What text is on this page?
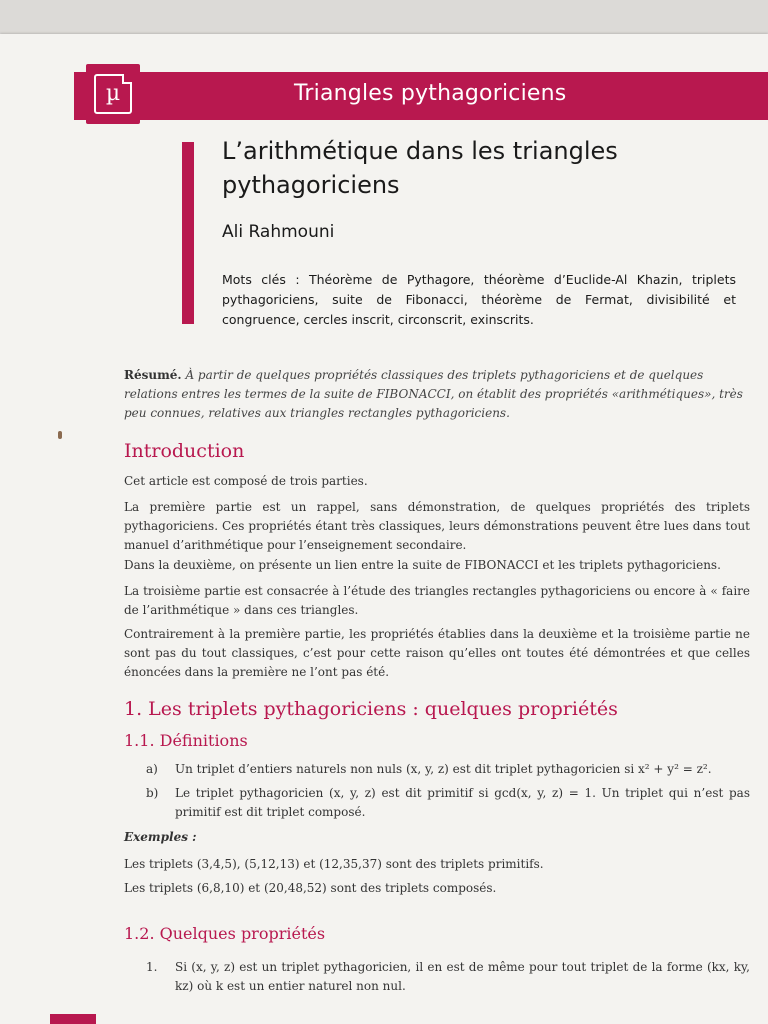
Triangles pythagoriciens
µ
L’arithmétique dans les triangles pythagoriciens
Ali Rahmouni
Mots clés : Théorème de Pythagore, théorème d’Euclide-Al Khazin, triplets pythagoriciens, suite de Fibonacci, théorème de Fermat, divisibilité et congruence, cercles inscrit, circonscrit, exinscrits.
Résumé. À partir de quelques propriétés classiques des triplets pythagoriciens et de quelques relations entres les termes de la suite de FIBONACCI, on établit des propriétés «arithmétiques», très peu connues, relatives aux triangles rectangles pythagoriciens.
Introduction
Cet article est composé de trois parties.
La première partie est un rappel, sans démonstration, de quelques propriétés des triplets pythagoriciens. Ces propriétés étant très classiques, leurs démonstrations peuvent être lues dans tout manuel d’arithmétique pour l’enseignement secondaire.
Dans la deuxième, on présente un lien entre la suite de FIBONACCI et les triplets pythagoriciens.
La troisième partie est consacrée à l’étude des triangles rectangles pythagoriciens ou encore à « faire de l’arithmétique » dans ces triangles.
Contrairement à la première partie, les propriétés établies dans la deuxième et la troisième partie ne sont pas du tout classiques, c’est pour cette raison qu’elles ont toutes été démontrées et que celles énoncées dans la première ne l’ont pas été.
1. Les triplets pythagoriciens : quelques propriétés
1.1. Définitions
a) Un triplet d’entiers naturels non nuls (x, y, z) est dit triplet pythagoricien si x² + y² = z².
b) Le triplet pythagoricien (x, y, z) est dit primitif si gcd(x, y, z) = 1. Un triplet qui n’est pas primitif est dit triplet composé.
Exemples :
Les triplets (3,4,5), (5,12,13) et (12,35,37) sont des triplets primitifs.
Les triplets (6,8,10) et (20,48,52) sont des triplets composés.
1.2. Quelques propriétés
1. Si (x, y, z) est un triplet pythagoricien, il en est de même pour tout triplet de la forme (kx, ky, kz) où k est un entier naturel non nul.
